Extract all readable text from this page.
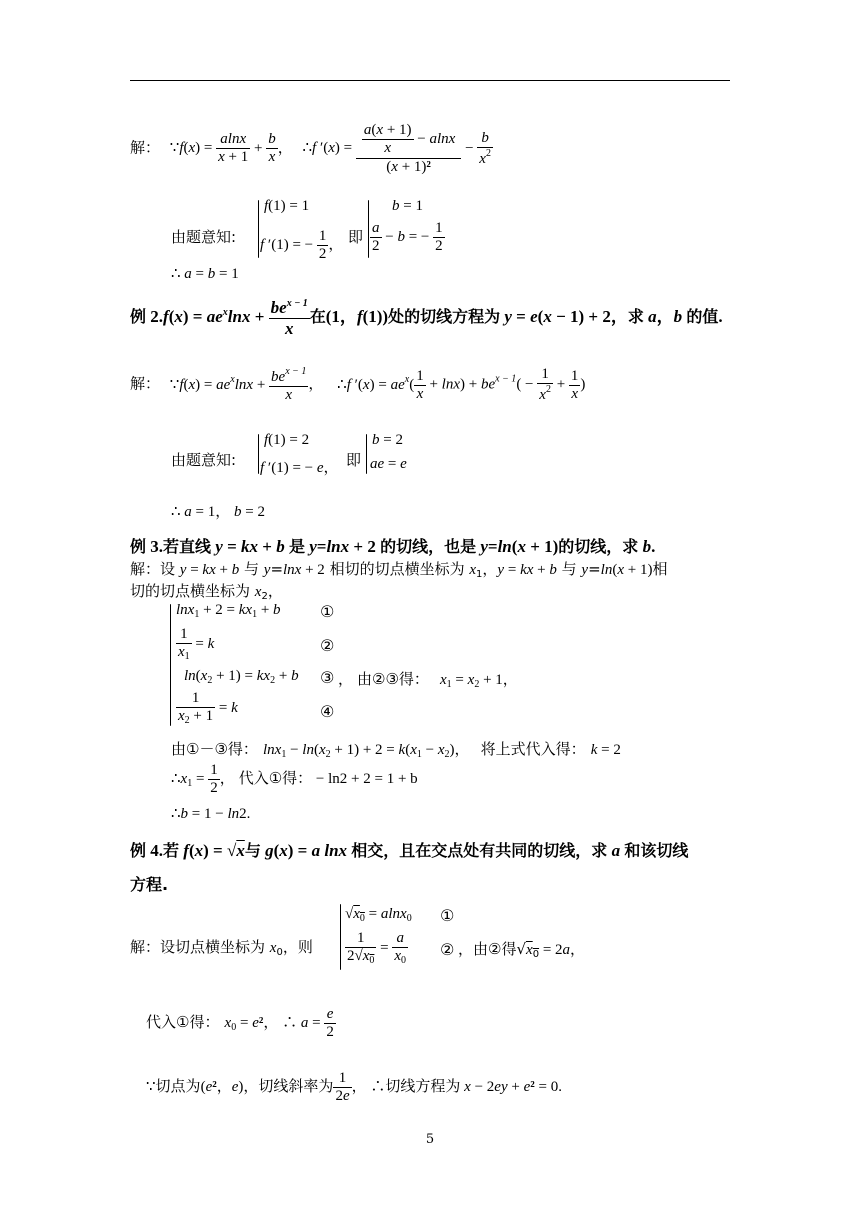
解： ∵f(x) = $\frac{alnx}{x + 1} + \frac{b}{x}$ ， ∴f $'(x) = \frac{\frac{a(x + 1)}{x} - alnx}{\text{(x + 1)²}} - \frac{b}{x^2}$
由题意知:
f(1) = 1
f ′(1) = − $\frac{1}{2}$ ， 即
b = 1
$\frac{a}{2} - b$ = − $\frac{1}{2}$
∴ a = b = 1
例 $2.f(x) = ae^x\ln x + \frac{be^{x - 1}}{x}$ 在(1，f(1))处的切线方程为 y = e(x − 1) + 2，求 a，b 的值.
解： ∵f(x) = $ae^x\ln x + \frac{be^{x - 1}}{x}$ ， ∴f $'(x) = ae^x( \frac{1}{x} + \ln x) + be^{x - 1}( - \frac{1}{x^2} + \frac{1}{x}$ )
由题意知:
f(1) = 2
f ′(1) = − e， 即
b = 2
ae = e
∴ a = 1， b = 2
例 3.若直线 y = kx + b 是 y=lnx + 2 的切线，也是 y=ln(x + 1)的切线，求 b.
解：设 y = kx + b 与 y=lnx + 2 相切的切点横坐标为 $x_1$，y = kx + b 与 y=ln(x + 1)相
切的切点横坐标为 $x_2$，
$\ln x_1 + 2 = kx_1 + b$
$\frac{1}{x_1} = k$
$\ln(x_2 + 1) = kx_2 + b$
$\frac{1}{x_2 + 1} = k$
①
②
③
④
， 由②③得： $x_1 = x_2 + 1$，
由①－③得： $\ln x_1 - \ln(x_2 + 1) + 2 = k(x_1 - x_2)$， 将上式代入得： k = 2
$\therefore x_1 = \frac{1}{2}$ ， 代入①得： − ln2 + 2 = 1 + b
∴b = 1 − ln2.
例 4.若 f(x) = √x与 g(x) = a lnx 相交，且在交点处有共同的切线，求 a 和该切线
方程.
解：设切点横坐标为 $x_0$，则
$√x_0 = alnx_0$
$\frac{1}{2√x_0} = \frac{a}{x_0}$
①
② ，由②得$√x_0 = 2a$，
代入①得： $x_0 = e^2$， ∴ $a = \frac{e}{2}$
∵切点为(e²，e)，切线斜率为 $\frac{1}{2e}$ ， ∴切线方程为 x − 2ey + e² = 0.
5
